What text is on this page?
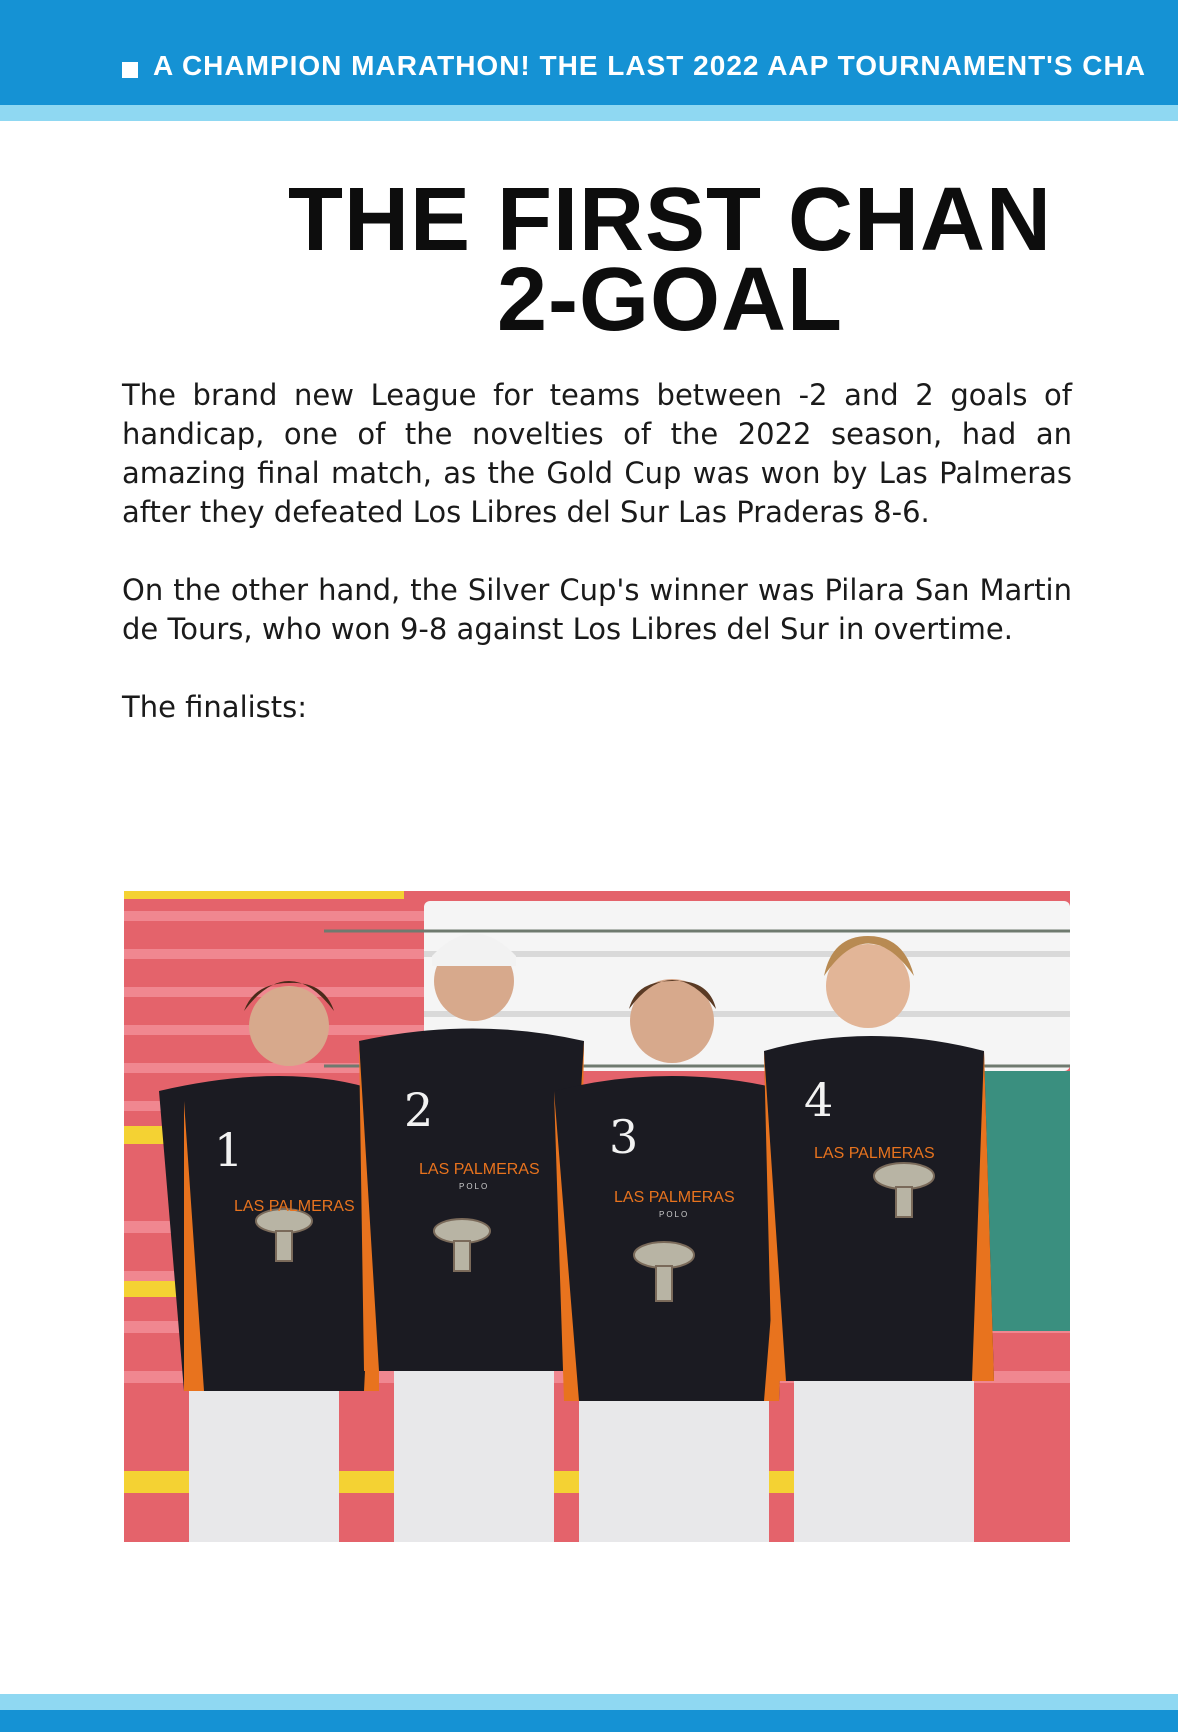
A CHAMPION MARATHON! THE LAST 2022 AAP TOURNAMENT'S CHA
THE FIRST CHAN
2-GOAL

The brand new League for teams between -2 and 2 goals of handicap, one of the novelties of the 2022 season, had an amazing final match, as the Gold Cup was won by Las Palmeras after they defeated Los Libres del Sur Las Praderas 8-6.

On the other hand, the Silver Cup's winner was Pilara San Martin de Tours, who won 9-8 against Los Libres del Sur in overtime.

The finalists:

1
2	3
4
LAS PALMERAS
LAS PALMERAS
LAS PALMERAS
LAS PALMERAS
POLO
POLO
